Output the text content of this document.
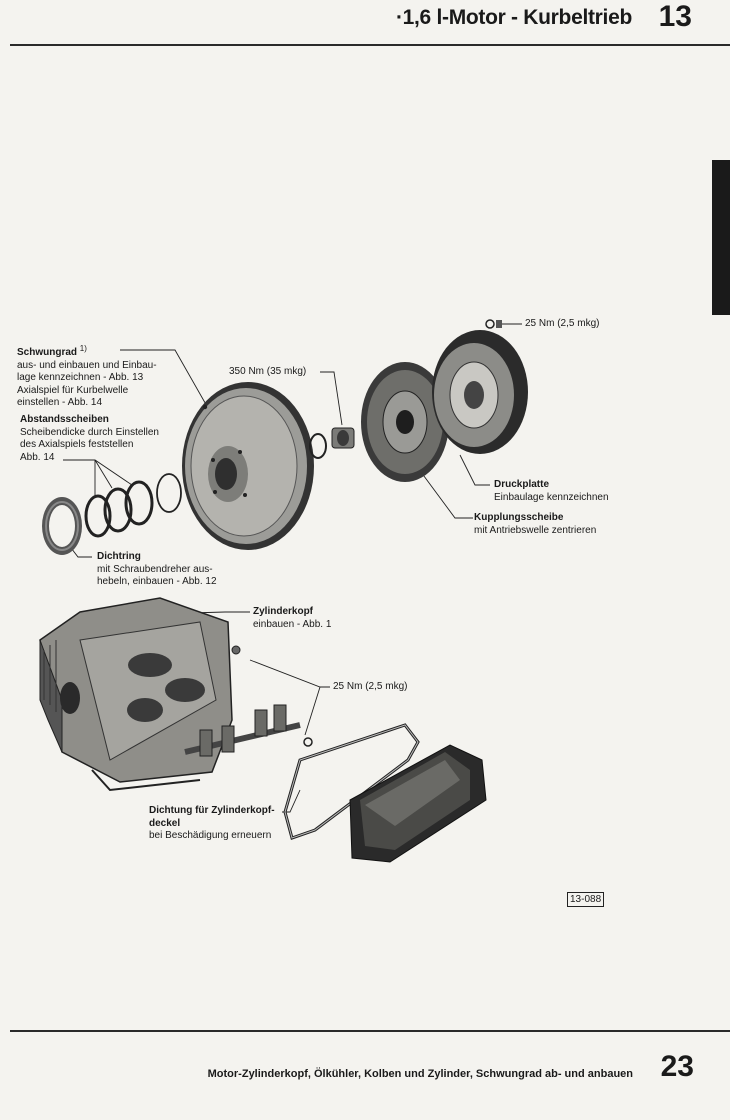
·1,6 l-Motor - Kurbeltrieb 13
Schwungrad $^{1)}$
aus- und einbauen und Einbau-
lage kennzeichnen - Abb. 13
Axialspiel für Kurbelwelle
einstellen - Abb. 14
Abstandsscheiben
Scheibendicke durch Einstellen
des Axialspiels feststellen
Abb. 14
350 Nm (35 mkg)
25 Nm (2,5 mkg)
Druckplatte
Einbaulage kennzeichnen
Kupplungsscheibe
mit Antriebswelle zentrieren
Dichtring
mit Schraubendreher aus-
hebeln, einbauen - Abb. 12
Zylinderkopf
einbauen - Abb. 1
25 Nm (2,5 mkg)
Dichtung für Zylinderkopf-
deckel
bei Beschädigung erneuern
13-088
Motor-Zylinderkopf, Ölkühler, Kolben und Zylinder, Schwungrad ab- und anbauen 23
